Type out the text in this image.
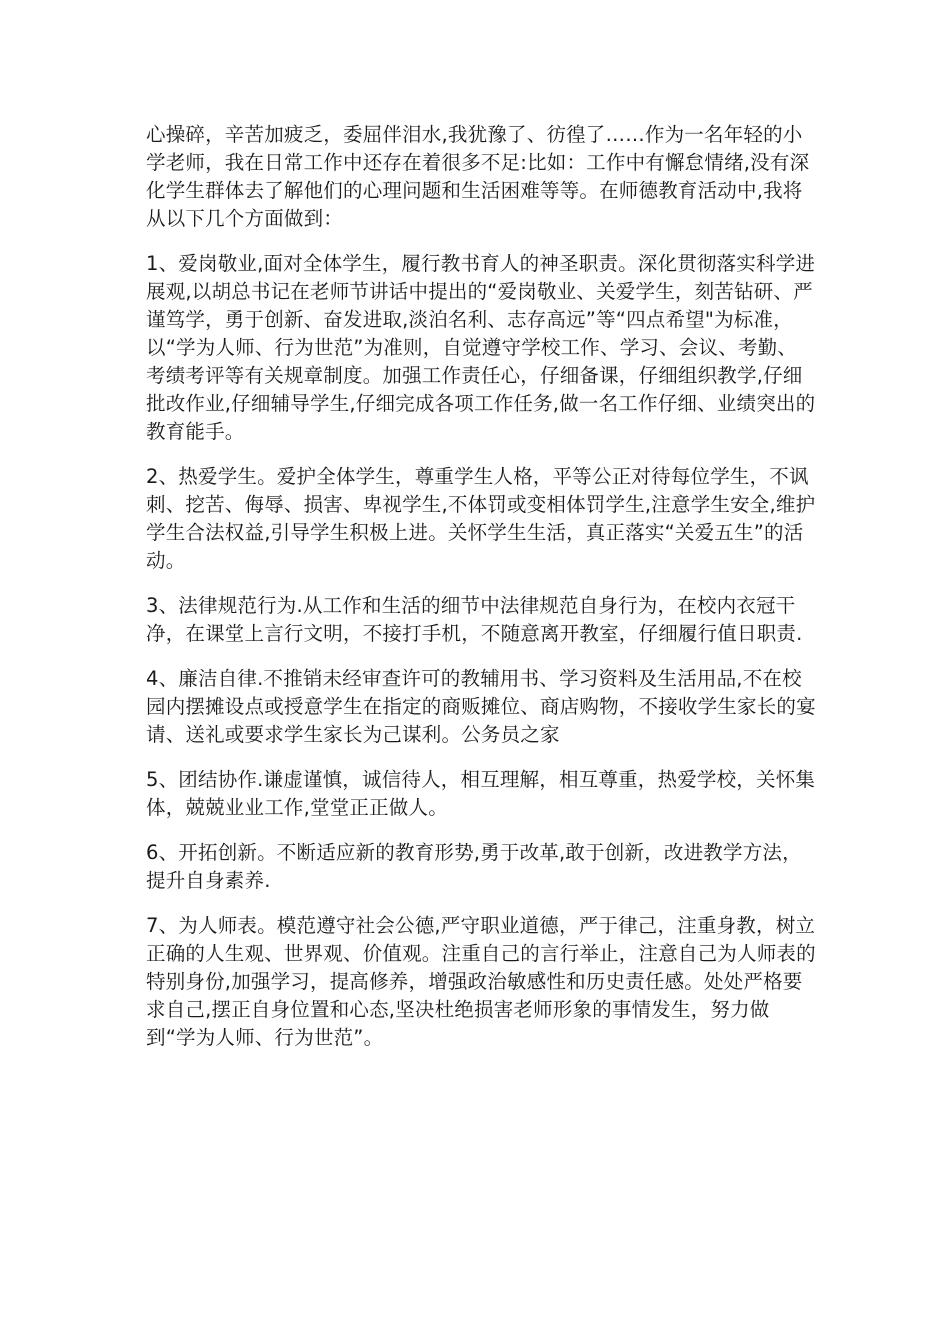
心操碎，辛苦加疲乏，委屈伴泪水,我犹豫了、彷徨了……作为一名年轻的小学老师，我在日常工作中还存在着很多不足:比如：工作中有懈怠情绪,没有深化学生群体去了解他们的心理问题和生活困难等等。在师德教育活动中,我将从以下几个方面做到：

1、爱岗敬业,面对全体学生，履行教书育人的神圣职责。深化贯彻落实科学进展观,以胡总书记在老师节讲话中提出的“爱岗敬业、关爱学生，刻苦钻研、严谨笃学，勇于创新、奋发进取,淡泊名利、志存高远”等“四点希望"为标准，以“学为人师、行为世范”为准则，自觉遵守学校工作、学习、会议、考勤、考绩考评等有关规章制度。加强工作责任心，仔细备课，仔细组织教学,仔细批改作业,仔细辅导学生,仔细完成各项工作任务,做一名工作仔细、业绩突出的教育能手。

2、热爱学生。爱护全体学生，尊重学生人格，平等公正对待每位学生，不讽刺、挖苦、侮辱、损害、卑视学生,不体罚或变相体罚学生,注意学生安全,维护学生合法权益,引导学生积极上进。关怀学生生活，真正落实“关爱五生”的活动。

3、法律规范行为.从工作和生活的细节中法律规范自身行为，在校内衣冠干净，在课堂上言行文明，不接打手机，不随意离开教室，仔细履行值日职责.

4、廉洁自律.不推销未经审查许可的教辅用书、学习资料及生活用品,不在校园内摆摊设点或授意学生在指定的商贩摊位、商店购物，不接收学生家长的宴请、送礼或要求学生家长为己谋利。公务员之家

5、团结协作.谦虚谨慎，诚信待人，相互理解，相互尊重，热爱学校，关怀集体，兢兢业业工作,堂堂正正做人。

6、开拓创新。不断适应新的教育形势,勇于改革,敢于创新，改进教学方法，提升自身素养.

7、为人师表。模范遵守社会公德,严守职业道德，严于律己，注重身教，树立正确的人生观、世界观、价值观。注重自己的言行举止，注意自己为人师表的特别身份,加强学习，提高修养，增强政治敏感性和历史责任感。处处严格要求自己,摆正自身位置和心态,坚决杜绝损害老师形象的事情发生，努力做到“学为人师、行为世范”。
